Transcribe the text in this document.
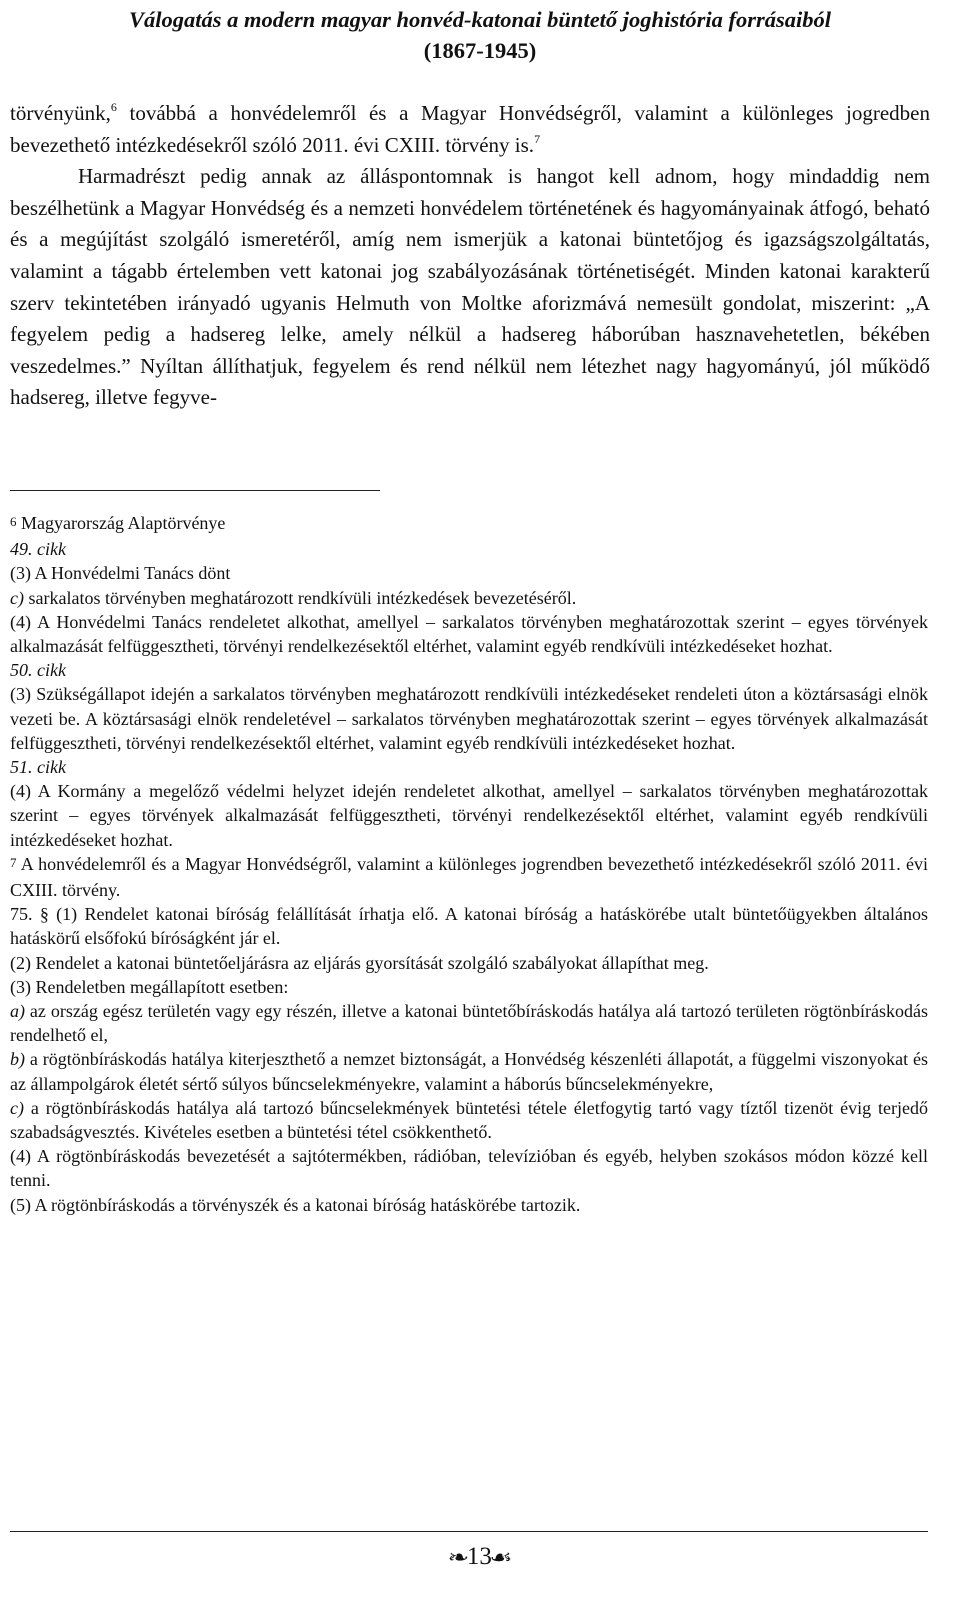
Válogatás a modern magyar honvéd-katonai büntető joghistória forrásaiból
(1867-1945)

törvényünk,$^6$ továbbá a honvédelemről és a Magyar Honvédségről, valamint a különleges jogredben bevezethető intézkedésekről szóló 2011. évi CXIII. törvény is.$^7$

Harmadrészt pedig annak az álláspontomnak is hangot kell adnom, hogy mindaddig nem beszélhetünk a Magyar Honvédség és a nemzeti honvédelem történetének és hagyományainak átfogó, beható és a megújítást szolgáló ismeretéről, amíg nem ismerjük a katonai büntetőjog és igazságszolgáltatás, valamint a tágabb értelemben vett katonai jog szabályozásának történetiségét. Minden katonai karakterű szerv tekintetében irányadó ugyanis Helmuth von Moltke aforizmává nemesült gondolat, miszerint: „A fegyelem pedig a hadsereg lelke, amely nélkül a hadsereg háborúban hasznavehetetlen, békében veszedelmes.” Nyíltan állíthatjuk, fegyelem és rend nélkül nem létezhet nagy hagyományú, jól működő hadsereg, illetve fegyve-

6 Magyarország Alaptörvénye

49. cikk

(3) A Honvédelmi Tanács dönt

c) sarkalatos törvényben meghatározott rendkívüli intézkedések bevezetéséről.

(4) A Honvédelmi Tanács rendeletet alkothat, amellyel – sarkalatos törvényben meghatározottak szerint – egyes törvények alkalmazását felfüggesztheti, törvényi rendelkezésektől eltérhet, valamint egyéb rendkívüli intézkedéseket hozhat.

50. cikk

(3) Szükségállapot idején a sarkalatos törvényben meghatározott rendkívüli intézkedéseket rendeleti úton a köztársasági elnök vezeti be. A köztársasági elnök rendeletével – sarkalatos törvényben meghatározottak szerint – egyes törvények alkalmazását felfüggesztheti, törvényi rendelkezésektől eltérhet, valamint egyéb rendkívüli intézkedéseket hozhat.

51. cikk

(4) A Kormány a megelőző védelmi helyzet idején rendeletet alkothat, amellyel – sarkalatos törvényben meghatározottak szerint – egyes törvények alkalmazását felfüggesztheti, törvényi rendelkezésektől eltérhet, valamint egyéb rendkívüli intézkedéseket hozhat.

7 A honvédelemről és a Magyar Honvédségről, valamint a különleges jogrendben bevezethető intézkedésekről szóló 2011. évi CXIII. törvény.

75. § (1) Rendelet katonai bíróság felállítását írhatja elő. A katonai bíróság a hatáskörébe utalt büntetőügyekben általános hatáskörű elsőfokú bíróságként jár el.

(2) Rendelet a katonai büntetőeljárásra az eljárás gyorsítását szolgáló szabályokat állapíthat meg.

(3) Rendeletben megállapított esetben:

a) az ország egész területén vagy egy részén, illetve a katonai büntetőbíráskodás hatálya alá tartozó területen rögtönbíráskodás rendelhető el,

b) a rögtönbíráskodás hatálya kiterjeszthető a nemzet biztonságát, a Honvédség készenléti állapotát, a függelmi viszonyokat és az állampolgárok életét sértő súlyos bűncselekményekre, valamint a háborús bűncselekményekre,

c) a rögtönbíráskodás hatálya alá tartozó bűncselekmények büntetési tétele életfogytig tartó vagy tíztől tizenöt évig terjedő szabadságvesztés. Kivételes esetben a büntetési tétel csökkenthető.

(4) A rögtönbíráskodás bevezetését a sajtótermékben, rádióban, televízióban és egyéb, helyben szokásos módon közzé kell tenni.

(5) A rögtönbíráskodás a törvényszék és a katonai bíróság hatáskörébe tartozik.

❧13☙
